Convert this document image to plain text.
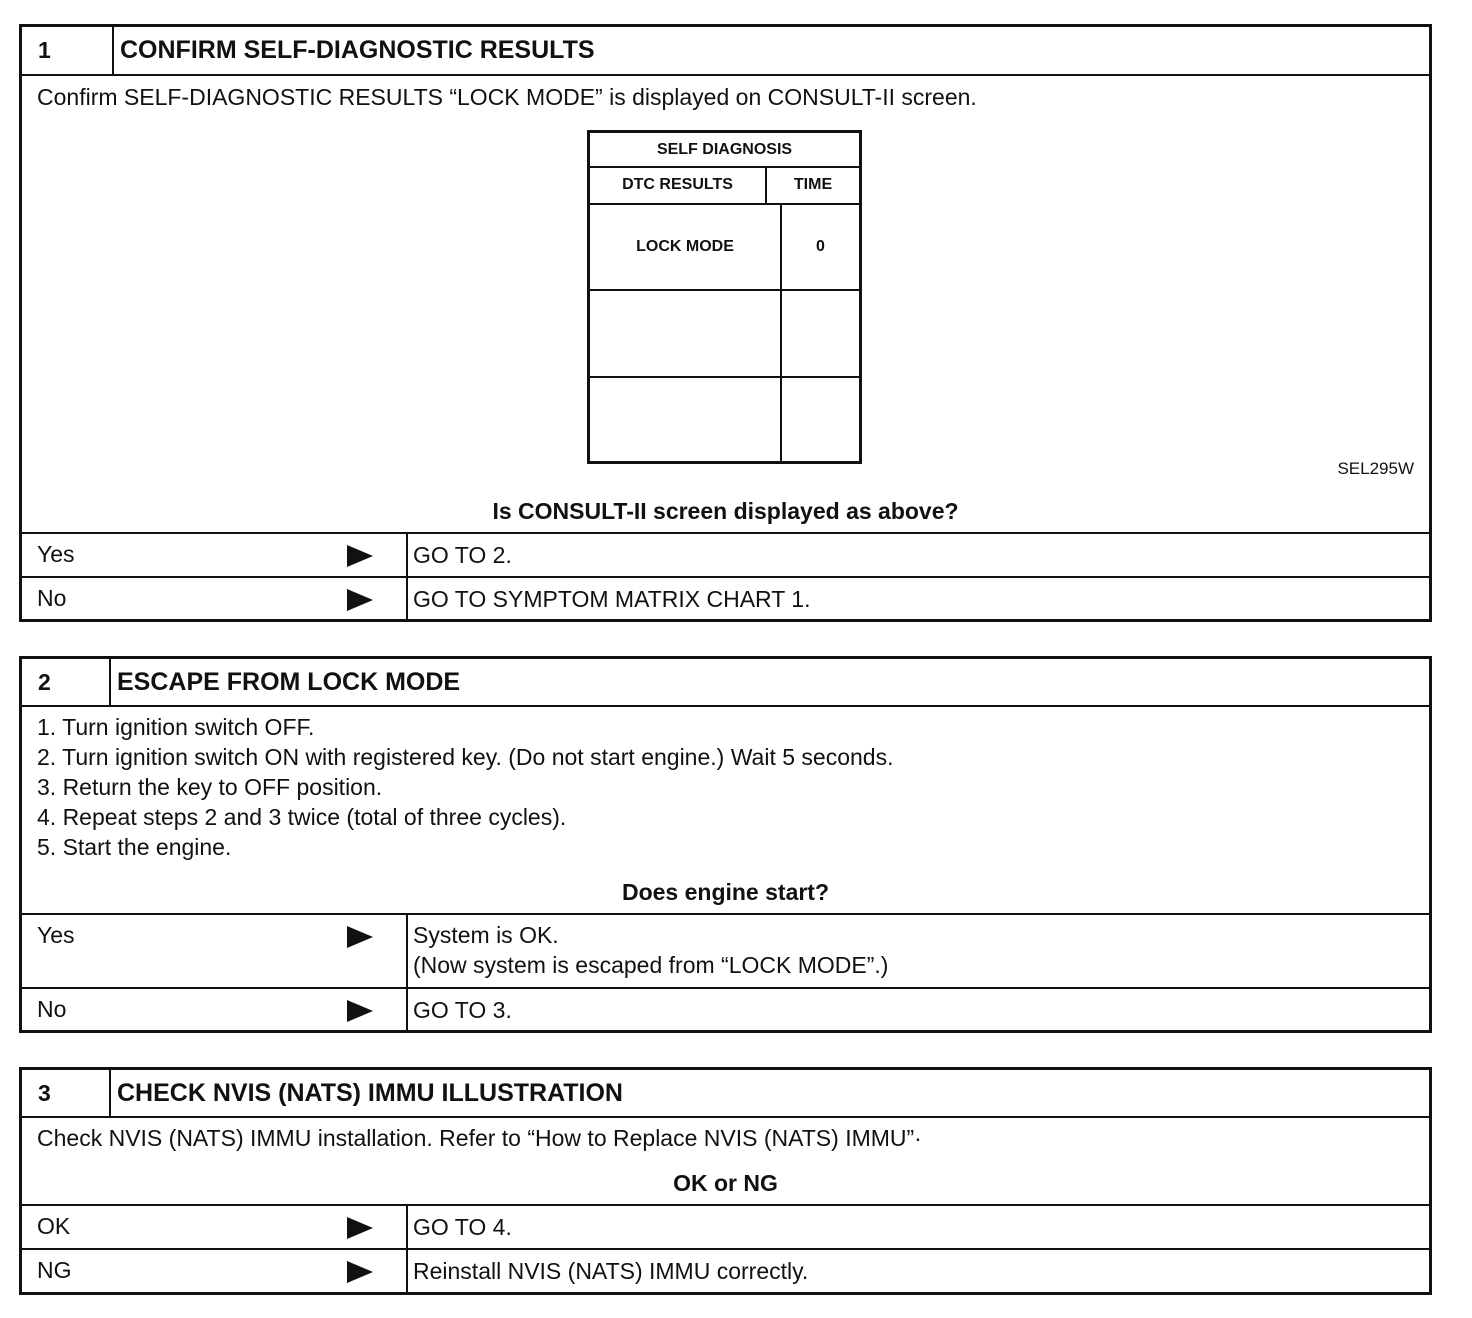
1	CONFIRM SELF-DIAGNOSTIC RESULTS
Confirm SELF-DIAGNOSTIC RESULTS “LOCK MODE” is displayed on CONSULT-II screen.
SELF DIAGNOSIS
DTC RESULTS	TIME
LOCK MODE	0
SEL295W
Is CONSULT-II screen displayed as above?
Yes	GO TO 2.
No	GO TO SYMPTOM MATRIX CHART 1.
2	ESCAPE FROM LOCK MODE
1. Turn ignition switch OFF.
2. Turn ignition switch ON with registered key. (Do not start engine.) Wait 5 seconds.
3. Return the key to OFF position.
4. Repeat steps 2 and 3 twice (total of three cycles).
5. Start the engine.
Does engine start?
Yes	System is OK.
(Now system is escaped from “LOCK MODE”.)
No	GO TO 3.
3	CHECK NVIS (NATS) IMMU ILLUSTRATION
Check NVIS (NATS) IMMU installation. Refer to “How to Replace NVIS (NATS) IMMU”·
OK or NG
OK	GO TO 4.
NG	Reinstall NVIS (NATS) IMMU correctly.
